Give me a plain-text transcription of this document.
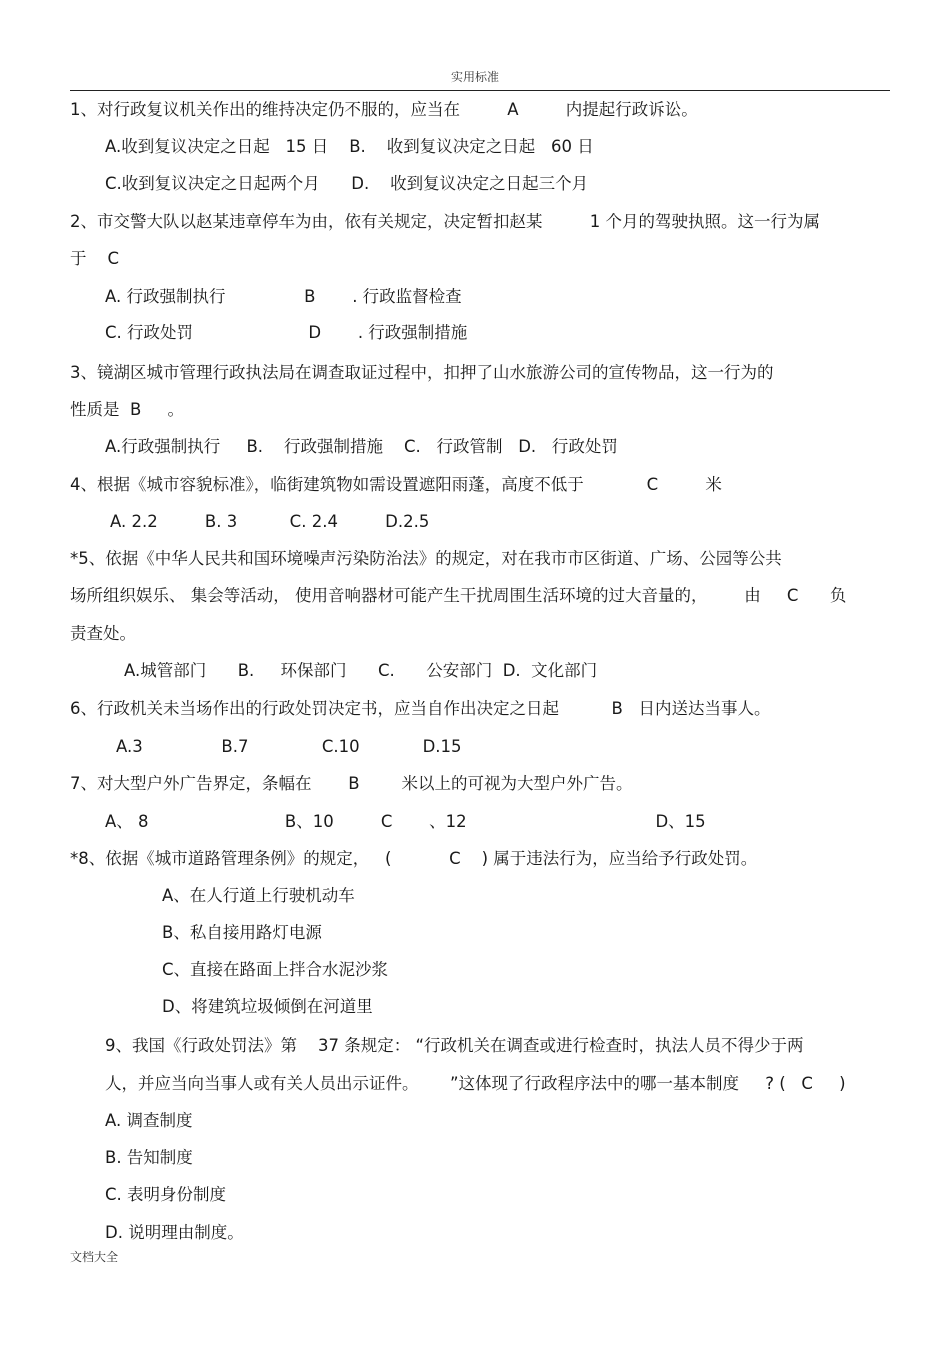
实用标准
1、对行政复议机关作出的维持决定仍不服的，应当在         A         内提起行政诉讼。
A.收到复议决定之日起   15 日    B.    收到复议决定之日起   60 日
C.收到复议决定之日起两个月      D.    收到复议决定之日起三个月
2、市交警大队以赵某违章停车为由，依有关规定，决定暂扣赵某         1 个月的驾驶执照。这一行为属
于    C
A. 行政强制执行               B       . 行政监督检查
C. 行政处罚                      D       . 行政强制措施
3、镜湖区城市管理行政执法局在调查取证过程中，扣押了山水旅游公司的宣传物品，这一行为的
性质是  B     。
A.行政强制执行     B.    行政强制措施    C.   行政管制   D.   行政处罚
4、根据《城市容貌标准》，临街建筑物如需设置遮阳雨蓬，高度不低于            C         米
A. 2.2         B. 3          C. 2.4         D.2.5
*5、依据《中华人民共和国环境噪声污染防治法》的规定，对在我市市区街道、广场、公园等公共
场所组织娱乐、 集会等活动， 使用音响器材可能产生干扰周围生活环境的过大音量的，       由     C      负
责查处。
A.城管部门      B.     环保部门      C.      公安部门  D.  文化部门
6、行政机关未当场作出的行政处罚决定书，应当自作出决定之日起          B   日内送达当事人。
A.3               B.7              C.10            D.15
7、对大型户外广告界定，条幅在       B        米以上的可视为大型户外广告。
A、 8                          B、10         C       、12                                    D、15
*8、依据《城市道路管理条例》的规定，   (           C    ) 属于违法行为，应当给予行政处罚。
A、在人行道上行驶机动车
B、私自接用路灯电源
C、直接在路面上拌合水泥沙浆
D、将建筑垃圾倾倒在河道里
9、我国《行政处罚法》第    37 条规定： “行政机关在调查或进行检查时，执法人员不得少于两
人，并应当向当事人或有关人员出示证件。      ”这体现了行政程序法中的哪一基本制度     ? (   C     )
A. 调查制度
B. 告知制度
C. 表明身份制度
D. 说明理由制度。
文档大全
